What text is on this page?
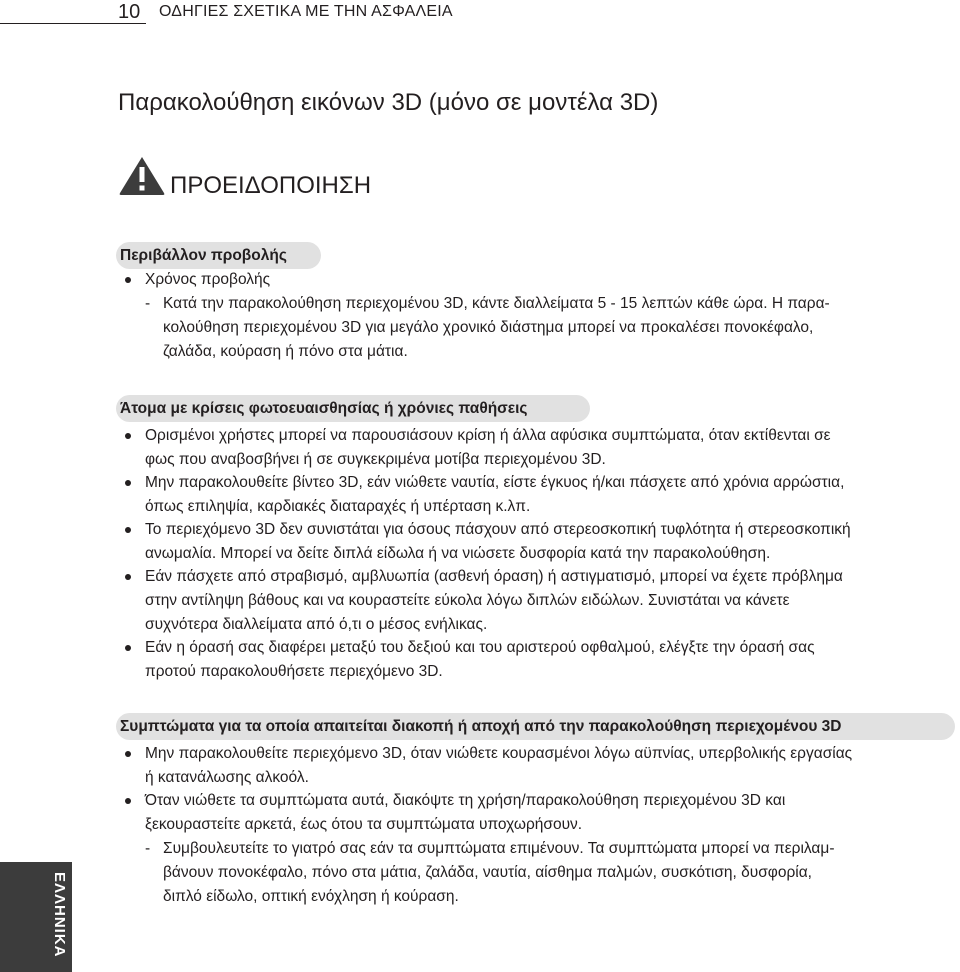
10 ΟΔΗΓΙΕΣ ΣΧΕΤΙΚΑ ΜΕ ΤΗΝ ΑΣΦΑΛΕΙΑ
Παρακολούθηση εικόνων 3D (μόνο σε μοντέλα 3D)
ΠΡΟΕΙΔΟΠΟΙΗΣΗ
Περιβάλλον προβολής
Χρόνος προβολής
- Κατά την παρακολούθηση περιεχομένου 3D, κάντε διαλλείματα 5 - 15 λεπτών κάθε ώρα. Η παρα-
κολούθηση περιεχομένου 3D για μεγάλο χρονικό διάστημα μπορεί να προκαλέσει πονοκέφαλο,
ζαλάδα, κούραση ή πόνο στα μάτια.
Άτομα με κρίσεις φωτοευαισθησίας ή χρόνιες παθήσεις
Ορισμένοι χρήστες μπορεί να παρουσιάσουν κρίση ή άλλα αφύσικα συμπτώματα, όταν εκτίθενται σε
φως που αναβοσβήνει ή σε συγκεκριμένα μοτίβα περιεχομένου 3D.
Μην παρακολουθείτε βίντεο 3D, εάν νιώθετε ναυτία, είστε έγκυος ή/και πάσχετε από χρόνια αρρώστια,
όπως επιληψία, καρδιακές διαταραχές ή υπέρταση κ.λπ.
Το περιεχόμενο 3D δεν συνιστάται για όσους πάσχουν από στερεοσκοπική τυφλότητα ή στερεοσκοπική
ανωμαλία. Μπορεί να δείτε διπλά είδωλα ή να νιώσετε δυσφορία κατά την παρακολούθηση.
Εάν πάσχετε από στραβισμό, αμβλυωπία (ασθενή όραση) ή αστιγματισμό, μπορεί να έχετε πρόβλημα
στην αντίληψη βάθους και να κουραστείτε εύκολα λόγω διπλών ειδώλων. Συνιστάται να κάνετε
συχνότερα διαλλείματα από ό,τι ο μέσος ενήλικας.
Εάν η όρασή σας διαφέρει μεταξύ του δεξιού και του αριστερού οφθαλμού, ελέγξτε την όρασή σας
προτού παρακολουθήσετε περιεχόμενο 3D.
Συμπτώματα για τα οποία απαιτείται διακοπή ή αποχή από την παρακολούθηση περιεχομένου 3D
Μην παρακολουθείτε περιεχόμενο 3D, όταν νιώθετε κουρασμένοι λόγω αϋπνίας, υπερβολικής εργασίας
ή κατανάλωσης αλκοόλ.
Όταν νιώθετε τα συμπτώματα αυτά, διακόψτε τη χρήση/παρακολούθηση περιεχομένου 3D και
ξεκουραστείτε αρκετά, έως ότου τα συμπτώματα υποχωρήσουν.
- Συμβουλευτείτε το γιατρό σας εάν τα συμπτώματα επιμένουν. Τα συμπτώματα μπορεί να περιλαμ-
βάνουν πονοκέφαλο, πόνο στα μάτια, ζαλάδα, ναυτία, αίσθημα παλμών, συσκότιση, δυσφορία,
διπλό είδωλο, οπτική ενόχληση ή κούραση.
ΕΛΛΗΝΙΚΑ
